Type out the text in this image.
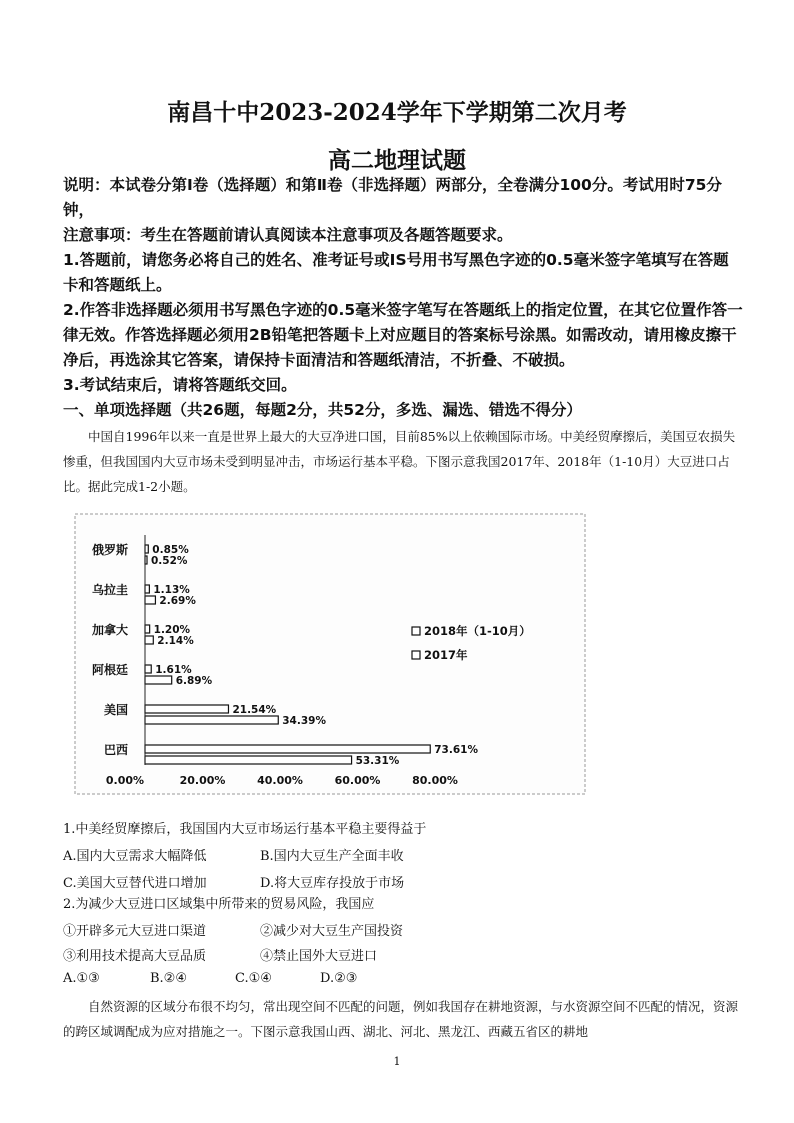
南昌十中2023-2024学年下学期第二次月考
高二地理试题
说明：本试卷分第Ⅰ卷（选择题）和第Ⅱ卷（非选择题）两部分，全卷满分100分。考试用时75分钟，
注意事项：考生在答题前请认真阅读本注意事项及各题答题要求。
1.答题前，请您务必将自己的姓名、准考证号或IS号用书写黑色字迹的0.5毫米签字笔填写在答题卡和答题纸上。
2.作答非选择题必须用书写黑色字迹的0.5毫米签字笔写在答题纸上的指定位置，在其它位置作答一律无效。作答选择题必须用2B铅笔把答题卡上对应题目的答案标号涂黑。如需改动，请用橡皮擦干净后，再选涂其它答案，请保持卡面清洁和答题纸清洁，不折叠、不破损。
3.考试结束后，请将答题纸交回。
一、单项选择题（共26题，每题2分，共52分，多选、漏选、错选不得分）
中国自1996年以来一直是世界上最大的大豆净进口国，目前85%以上依赖国际市场。中美经贸摩擦后，美国豆农损失惨重，但我国国内大豆市场未受到明显冲击，市场运行基本平稳。下图示意我国2017年、2018年（1-10月）大豆进口占比。据此完成1-2小题。
俄罗斯
乌拉圭
加拿大
阿根廷
美国
巴西
0.85%
0.52%
1.13%
2.69%
1.20%
2.14%
1.61%
6.89%
21.54%
34.39%
73.61%
53.31%
0.00%	20.00%	40.00%	60.00%	80.00%
2018年（1-10月）
2017年
1.中美经贸摩擦后，我国国内大豆市场运行基本平稳主要得益于
A.国内大豆需求大幅降低	B.国内大豆生产全面丰收
C.美国大豆替代进口增加	D.将大豆库存投放于市场
2.为减少大豆进口区域集中所带来的贸易风险，我国应
①开辟多元大豆进口渠道	②减少对大豆生产国投资
③利用技术提高大豆品质	④禁止国外大豆进口
A.①③	B.②④	C.①④	D.②③
自然资源的区域分布很不均匀，常出现空间不匹配的问题，例如我国存在耕地资源，与水资源空间不匹配的情况，资源的跨区域调配成为应对措施之一。下图示意我国山西、湖北、河北、黑龙江、西藏五省区的耕地
1
